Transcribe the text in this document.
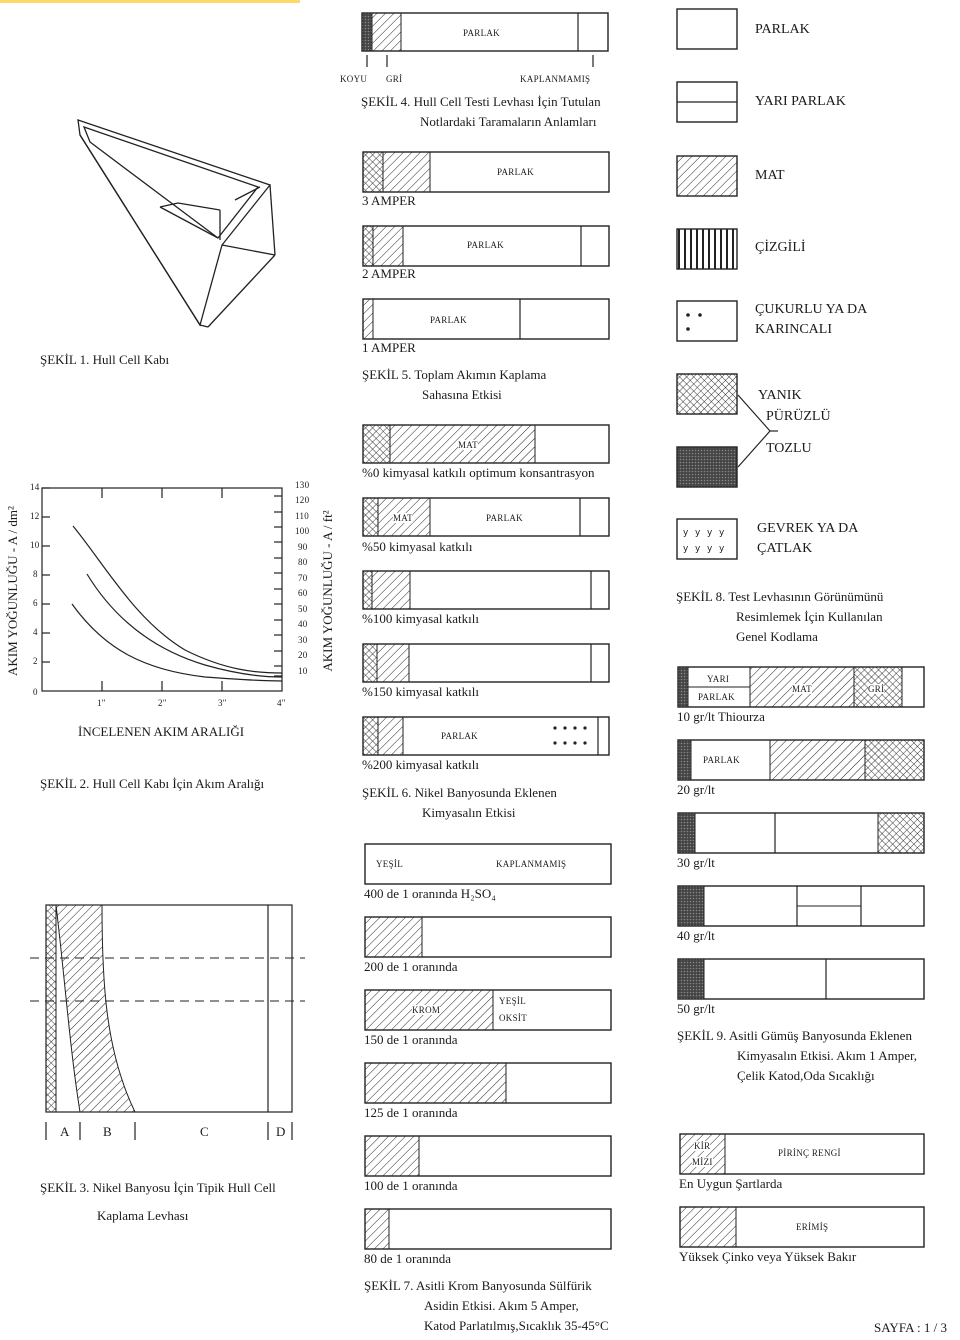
ŞEKİL 1. Hull Cell Kabı
AKIM YOĞUNLUĞU - A / dm²	AKIM YOĞUNLUĞU - A / ft²
14
12
10
8
6
4
2
0
130
120
110
100
90
80
70
60
50
40
30
20
10
1"	2"	3"	4"
İNCELENEN AKIM ARALIĞI
ŞEKİL 2. Hull Cell Kabı İçin Akım Aralığı
A	B	C	D
ŞEKİL 3. Nikel Banyosu İçin Tipik Hull Cell
Kaplama Levhası
PARLAK
KOYU GRİ	KAPLANMAMIŞ
ŞEKİL 4. Hull Cell Testi Levhası İçin Tutulan
Notlardaki Taramaların Anlamları
PARLAK
3 AMPER
PARLAK
2 AMPER
PARLAK
1 AMPER
ŞEKİL 5. Toplam Akımın Kaplama
Sahasına Etkisi
MAT
%0 kimyasal katkılı optimum konsantrasyon
MAT	PARLAK
%50 kimyasal katkılı
%100 kimyasal katkılı
%150 kimyasal katkılı
PARLAK
%200 kimyasal katkılı
ŞEKİL 6. Nikel Banyosunda Eklenen
Kimyasalın Etkisi
YEŞİL	KAPLANMAMIŞ
400 de 1 oranında H₂SO₄
200 de 1 oranında
KROM
YEŞİL
OKSİT
150 de 1 oranında
125 de 1 oranında
100 de 1 oranında
80 de 1 oranında
ŞEKİL 7. Asitli Krom Banyosunda Sülfürik
Asidin Etkisi. Akım 5 Amper,
Katod Parlatılmış,Sıcaklık 35-45°C
PARLAK
YARI PARLAK
MAT
ÇİZGİLİ
ÇUKURLU YA DA
KARINCALI
YANIK
PÜRÜZLÜ
TOZLU
y y y y
y y y y
GEVREK YA DA
ÇATLAK
ŞEKİL 8. Test Levhasının Görünümünü
Resimlemek İçin Kullanılan
Genel Kodlama
YARI
PARLAK
MAT	GRİ
10 gr/lt Thiourza
PARLAK
20 gr/lt
30 gr/lt
40 gr/lt
50 gr/lt
ŞEKİL 9. Asitli Gümüş Banyosunda Eklenen
Kimyasalın Etkisi. Akım 1 Amper,
Çelik Katod,Oda Sıcaklığı
KİR
MİZI
PİRİNÇ RENGİ
En Uygun Şartlarda
ERİMİŞ
Yüksek Çinko veya Yüksek Bakır
SAYFA : 1 / 3
